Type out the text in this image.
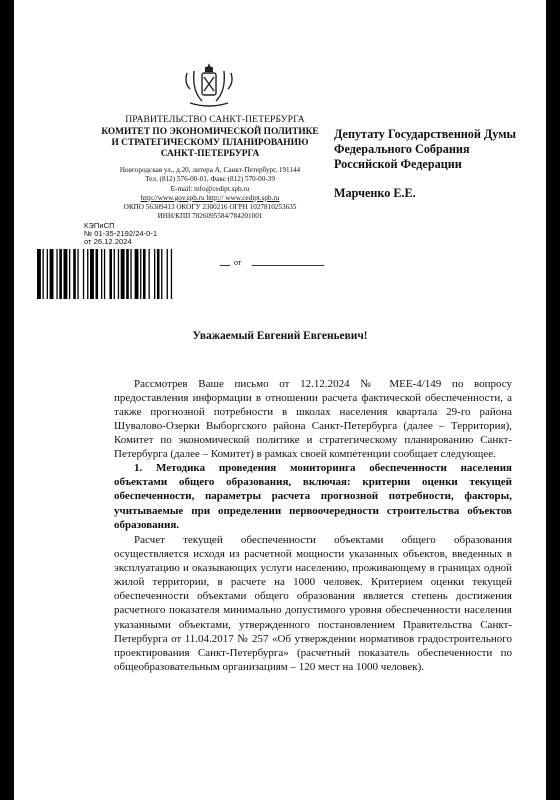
ПРАВИТЕЛЬСТВО САНКТ-ПЕТЕРБУРГА
КОМИТЕТ ПО ЭКОНОМИЧЕСКОЙ ПОЛИТИКЕ
И СТРАТЕГИЧЕСКОМУ ПЛАНИРОВАНИЮ
САНКТ-ПЕТЕРБУРГА
Новгородская ул., д.20, литера А, Санкт-Петербург, 191144
Тел. (812) 576-00-01, Факс (812) 570-00-39
E-mail: info@cedipt.spb.ru
http://www.gov.spb.ru http:// www.cedipt.spb.ru
ОКПО 56309413 ОКОГУ 2300216 ОГРН 1027810253635
ИНН/КПП 7826095584/784201001
Депутату Государственной Думы
Федерального Собрания
Российской Федерации
Марченко Е.Е.
КЭПиСП
№ 01-35-2192/24-0-1
от 26.12.2024
от
Уважаемый Евгений Евгеньевич!

Рассмотрев Ваше письмо от 12.12.2024 № МЕЕ-4/149 по вопросу предоставления информации в отношении расчета фактической обеспеченности, а также прогнозной потребности в школах населения квартала 29-го района Шувалово-Озерки Выборгского района Санкт-Петербурга (далее – Территория), Комитет по экономической политике и стратегическому планированию Санкт-Петербурга (далее – Комитет) в рамках своей компетенции сообщает следующее.

1. Методика проведения мониторинга обеспеченности населения объектами общего образования, включая: критерии оценки текущей обеспеченности, параметры расчета прогнозной потребности, факторы, учитываемые при определении первоочередности строительства объектов образования.

Расчет текущей обеспеченности объектами общего образования осуществляется исходя из расчетной мощности указанных объектов, введенных в эксплуатацию и оказывающих услуги населению, проживающему в границах одной жилой территории, в расчете на 1000 человек. Критерием оценки текущей обеспеченности объектами общего образования является степень достижения расчетного показателя минимально допустимого уровня обеспеченности населения указанными объектами, утвержденного постановлением Правительства Санкт-Петербурга от 11.04.2017 № 257 «Об утверждении нормативов градостроительного проектирования Санкт-Петербурга» (расчетный показатель обеспеченности по общеобразовательным организациям – 120 мест на 1000 человек).
